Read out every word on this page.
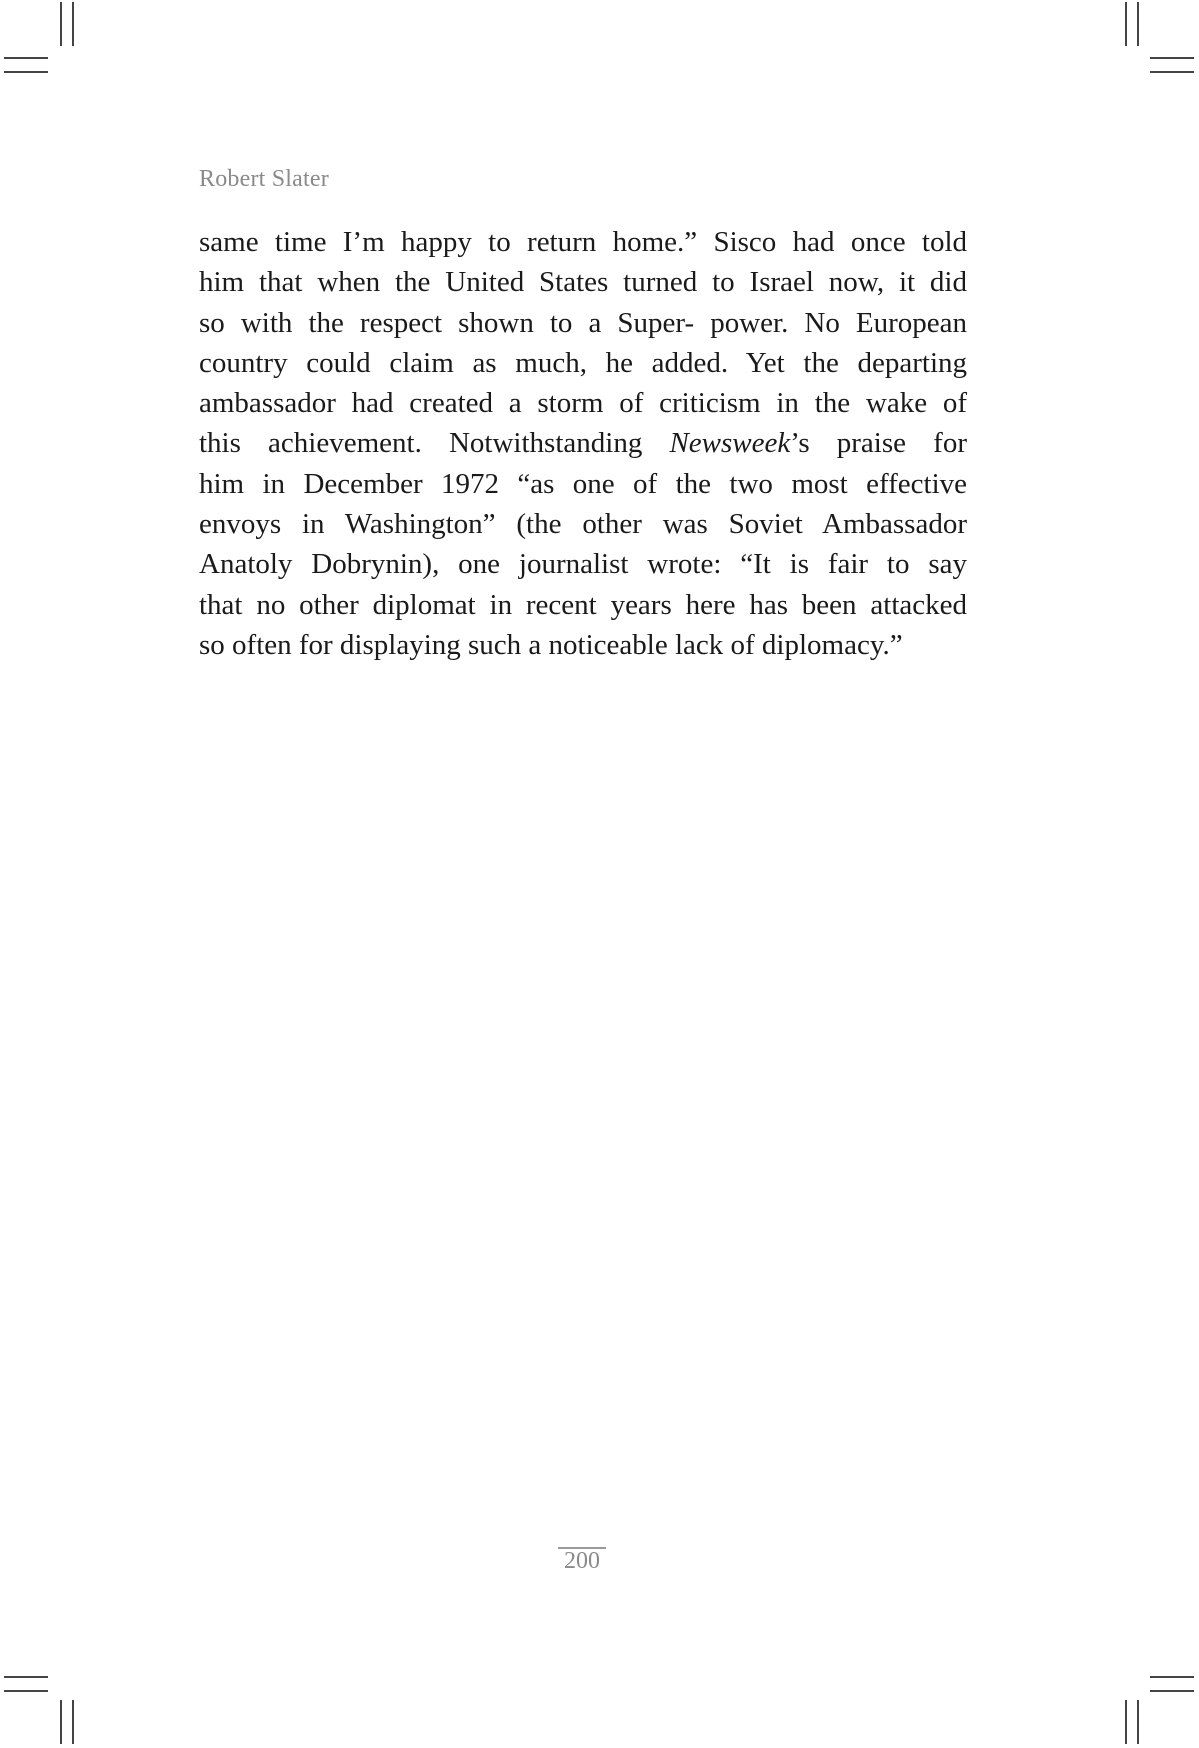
Robert Slater
same time I’m happy to return home.” Sisco had once told
him that when the United States turned to Israel now, it did
so with the respect shown to a Super- power. No European
country could claim as much, he added. Yet the departing
ambassador had created a storm of criticism in the wake of
this achievement. Notwithstanding Newsweek’s praise for
him in December 1972 “as one of the two most effective
envoys in Washington” (the other was Soviet Ambassador
Anatoly Dobrynin), one journalist wrote: “It is fair to say
that no other diplomat in recent years here has been attacked
so often for displaying such a noticeable lack of diplomacy.”
200
